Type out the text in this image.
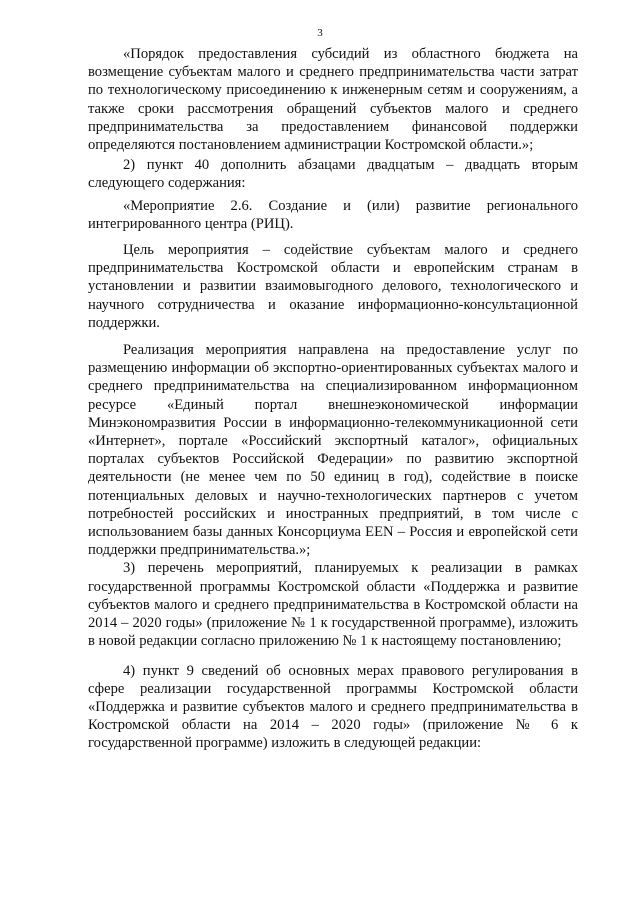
3

«Порядок предоставления субсидий из областного бюджета на возмещение субъектам малого и среднего предпринимательства части затрат по технологическому присоединению к инженерным сетям и сооружениям, а также сроки рассмотрения обращений субъектов малого и среднего предпринимательства за предоставлением финансовой поддержки определяются постановлением администрации Костромской области.»;

2) пункт 40 дополнить абзацами двадцатым – двадцать вторым следующего содержания:

«Мероприятие 2.6. Создание и (или) развитие регионального интегрированного центра (РИЦ).

Цель мероприятия – содействие субъектам малого и среднего предпринимательства Костромской области и европейским странам в установлении и развитии взаимовыгодного делового, технологического и научного сотрудничества и оказание информационно-консультационной поддержки.

Реализация мероприятия направлена на предоставление услуг по размещению информации об экспортно-ориентированных субъектах малого и среднего предпринимательства на специализированном информационном ресурсе «Единый портал внешнеэкономической информации Минэкономразвития России в информационно-телекоммуникационной сети «Интернет», портале «Российский экспортный каталог», официальных порталах субъектов Российской Федерации» по развитию экспортной деятельности (не менее чем по 50 единиц в год), содействие в поиске потенциальных деловых и научно-технологических партнеров с учетом потребностей российских и иностранных предприятий, в том числе с использованием базы данных Консорциума EEN – Россия и европейской сети поддержки предпринимательства.»;

3) перечень мероприятий, планируемых к реализации в рамках государственной программы Костромской области «Поддержка и развитие субъектов малого и среднего предпринимательства в Костромской области на 2014 – 2020 годы» (приложение № 1 к государственной программе), изложить в новой редакции согласно приложению № 1 к настоящему постановлению;

4) пункт 9 сведений об основных мерах правового регулирования в сфере реализации государственной программы Костромской области «Поддержка и развитие субъектов малого и среднего предпринимательства в Костромской области на 2014 – 2020 годы» (приложение № 6 к государственной программе) изложить в следующей редакции:
